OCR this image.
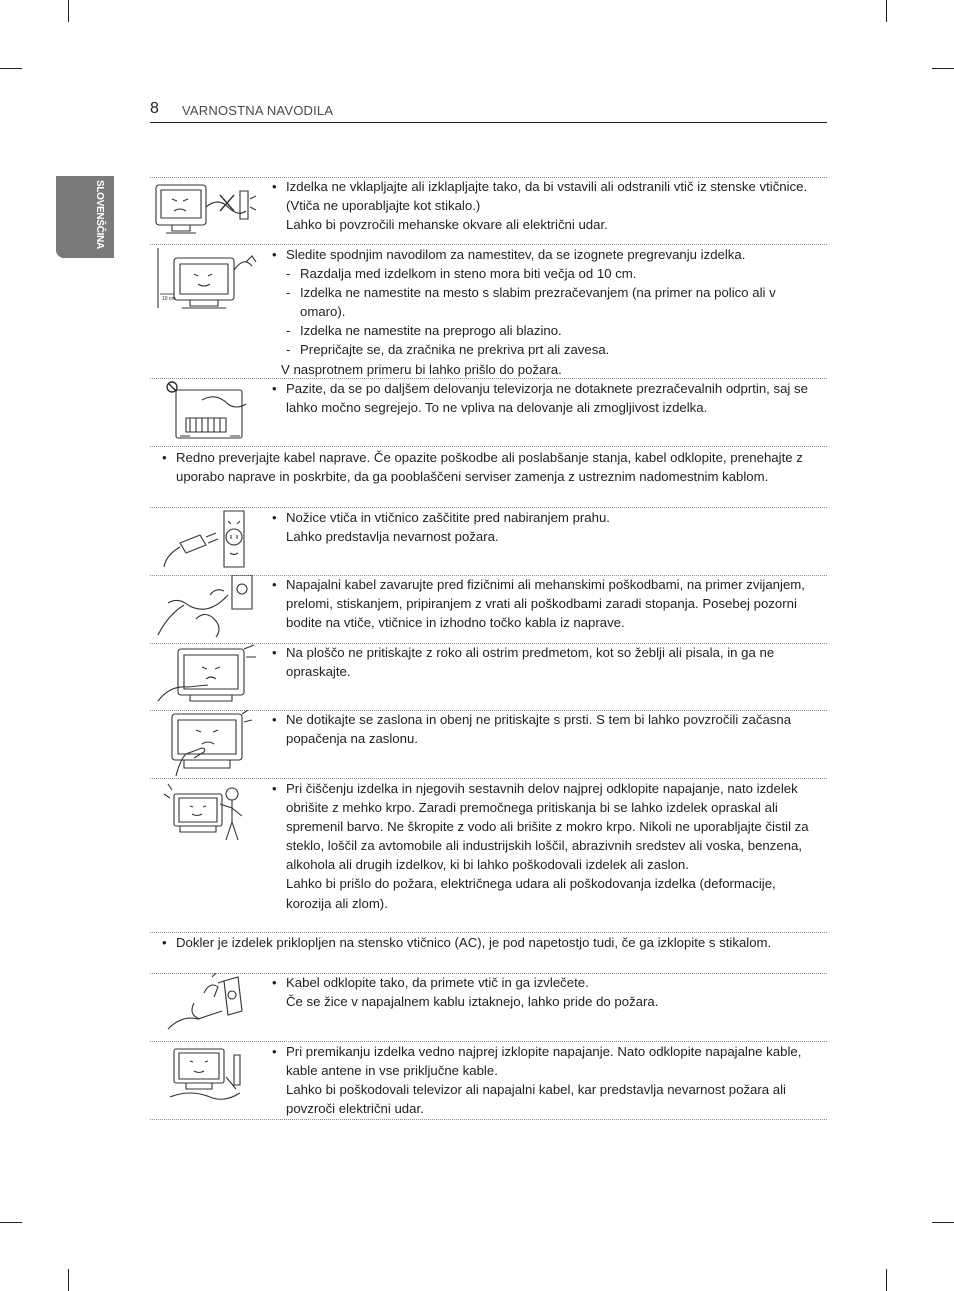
8 VARNOSTNA NAVODILA
SLOVENŠČINA

•	Izdelka ne vklapljajte ali izklapljajte tako, da bi vstavili ali odstranili vtič iz stenske vtičnice. (Vtiča ne uporabljajte kot stikalo.)

Lahko bi povzročili mehanske okvare ali električni udar.

10 cm

• Sledite spodnjim navodilom za namestitev, da se izognete pregrevanju izdelka.

- Razdalja med izdelkom in steno mora biti večja od 10 cm.

- Izdelka ne namestite na mesto s slabim prezračevanjem (na primer na polico ali v omaro).

- Izdelka ne namestite na preprogo ali blazino.

- Prepričajte se, da zračnika ne prekriva prt ali zavesa.

V nasprotnem primeru bi lahko prišlo do požara.

• Pazite, da se po daljšem delovanju televizorja ne dotaknete prezračevalnih odprtin, saj se lahko močno segrejejo. To ne vpliva na delovanje ali zmogljivost izdelka.

• Redno preverjajte kabel naprave. Če opazite poškodbe ali poslabšanje stanja, kabel odklopite, prenehajte z uporabo naprave in poskrbite, da ga pooblaščeni serviser zamenja z ustreznim nadomestnim kablom.

• Nožice vtiča in vtičnico zaščitite pred nabiranjem prahu.

Lahko predstavlja nevarnost požara.

• Napajalni kabel zavarujte pred fizičnimi ali mehanskimi poškodbami, na primer zvijanjem, prelomi, stiskanjem, pripiranjem z vrati ali poškodbami zaradi stopanja. Posebej pozorni bodite na vtiče, vtičnice in izhodno točko kabla iz naprave.

• Na ploščo ne pritiskajte z roko ali ostrim predmetom, kot so žeblji ali pisala, in ga ne opraskajte.

• Ne dotikajte se zaslona in obenj ne pritiskajte s prsti. S tem bi lahko povzročili začasna popačenja na zaslonu.

• Pri čiščenju izdelka in njegovih sestavnih delov najprej odklopite napajanje, nato izdelek obrišite z mehko krpo. Zaradi premočnega pritiskanja bi se lahko izdelek opraskal ali spremenil barvo. Ne škropite z vodo ali brišite z mokro krpo. Nikoli ne uporabljajte čistil za steklo, loščil za avtomobile ali industrijskih loščil, abrazivnih sredstev ali voska, benzena, alkohola ali drugih izdelkov, ki bi lahko poškodovali izdelek ali zaslon.

Lahko bi prišlo do požara, električnega udara ali poškodovanja izdelka (deformacije, korozija ali zlom).

• Dokler je izdelek priklopljen na stensko vtičnico (AC), je pod napetostjo tudi, če ga izklopite s stikalom.

• Kabel odklopite tako, da primete vtič in ga izvlečete.

Če se žice v napajalnem kablu iztaknejo, lahko pride do požara.

• Pri premikanju izdelka vedno najprej izklopite napajanje. Nato odklopite napajalne kable, kable antene in vse priključne kable.

Lahko bi poškodovali televizor ali napajalni kabel, kar predstavlja nevarnost požara ali povzroči električni udar.
